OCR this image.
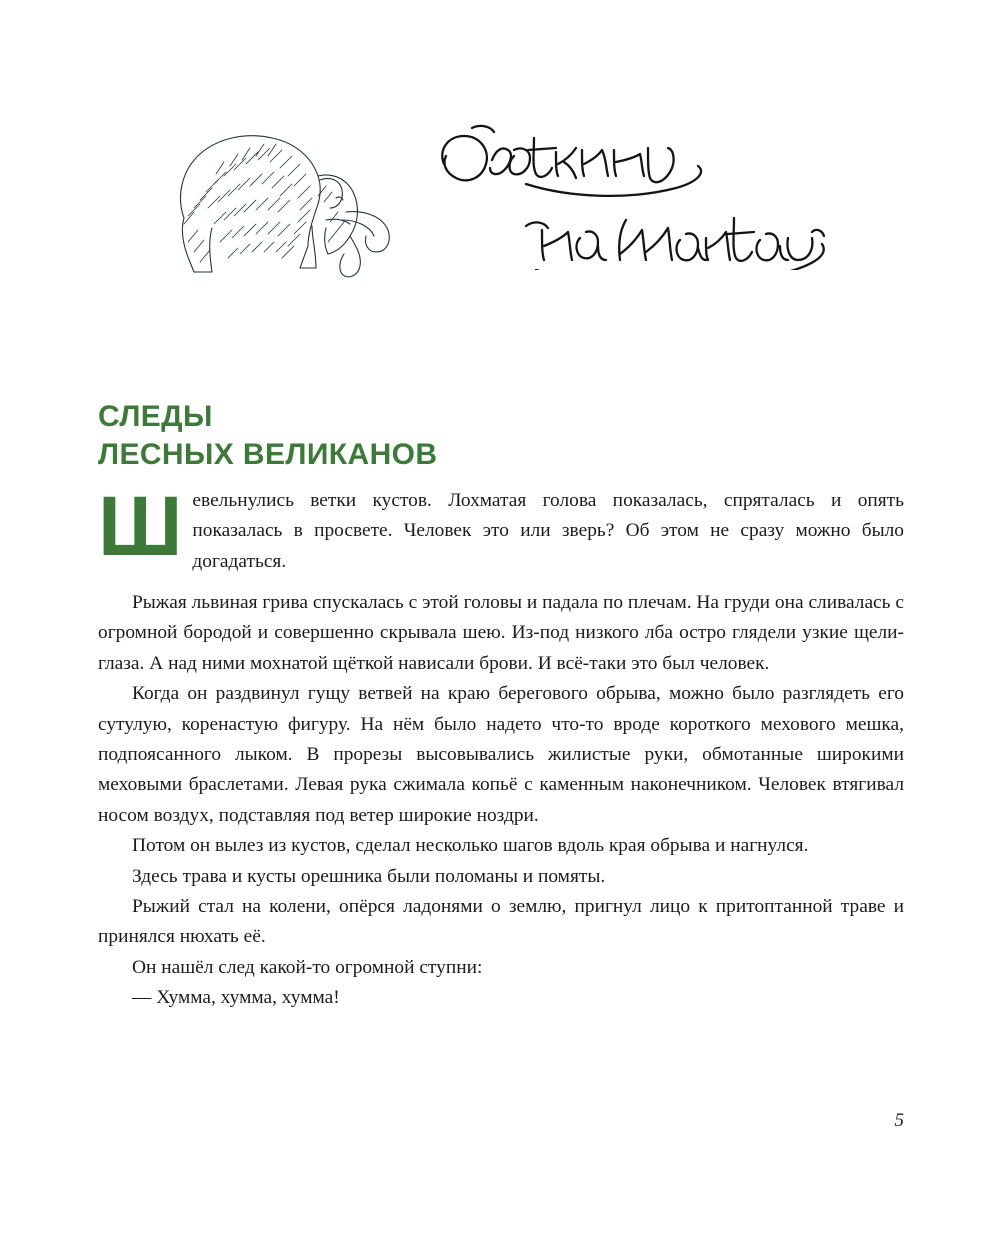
СЛЕДЫ
ЛЕСНЫХ ВЕЛИКАНОВ
Ш евельнулись ветки кустов. Лохматая голова показалась, спряталась и опять показалась в просвете. Человек это или зверь? Об этом не сразу можно было догадаться.

Рыжая львиная грива спускалась с этой головы и падала по плечам. На груди она сливалась с огромной бородой и совершенно скрывала шею. Из-под низкого лба остро глядели узкие щели-глаза. А над ними мохнатой щёткой нависали брови. И всё-таки это был человек.

Когда он раздвинул гущу ветвей на краю берегового обрыва, можно было разглядеть его сутулую, коренастую фигуру. На нём было надето что-то вроде короткого мехового мешка, подпоясанного лыком. В прорезы высовывались жилистые руки, обмотанные широкими меховыми браслетами. Левая рука сжимала копьё с каменным наконечником. Человек втягивал носом воздух, подставляя под ветер широкие ноздри.

Потом он вылез из кустов, сделал несколько шагов вдоль края обрыва и нагнулся.

Здесь трава и кусты орешника были поломаны и помяты.

Рыжий стал на колени, опёрся ладонями о землю, пригнул лицо к притоптанной траве и принялся нюхать её.

Он нашёл след какой-то огромной ступни:

— Хумма, хумма, хумма!

5
